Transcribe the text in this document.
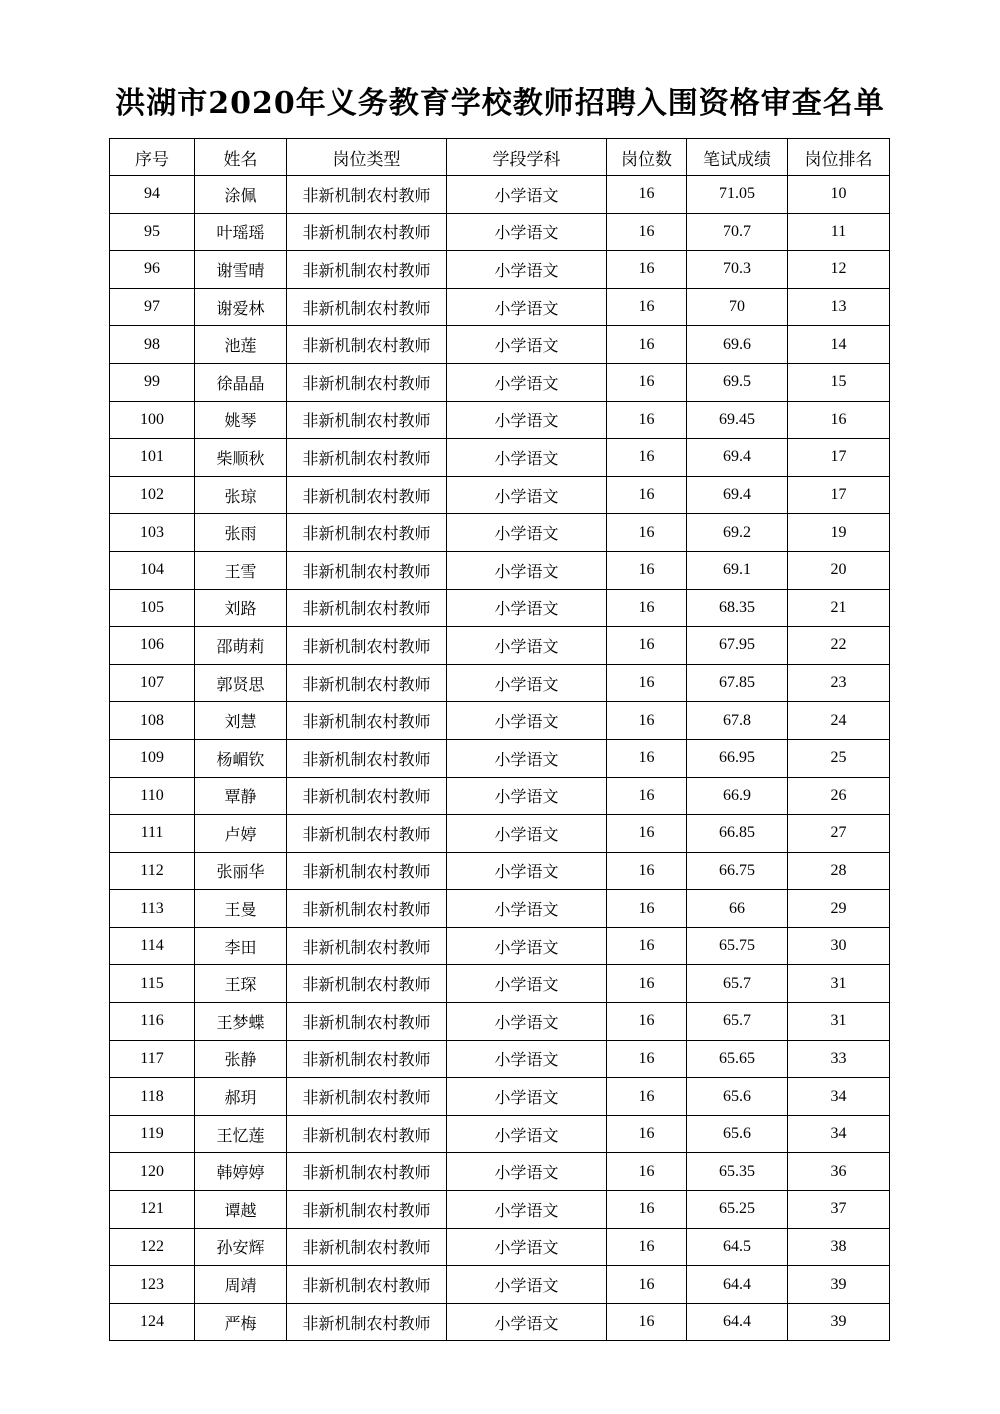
洪湖市2020年义务教育学校教师招聘入围资格审查名单
序号	姓名	岗位类型	学段学科	岗位数	笔试成绩	岗位排名
94	涂佩	非新机制农村教师	小学语文	16	71.05	10
95	叶瑶瑶	非新机制农村教师	小学语文	16	70.7	11
96	谢雪晴	非新机制农村教师	小学语文	16	70.3	12
97	谢爱林	非新机制农村教师	小学语文	16	70	13
98	池莲	非新机制农村教师	小学语文	16	69.6	14
99	徐晶晶	非新机制农村教师	小学语文	16	69.5	15
100	姚琴	非新机制农村教师	小学语文	16	69.45	16
101	柴顺秋	非新机制农村教师	小学语文	16	69.4	17
102	张琼	非新机制农村教师	小学语文	16	69.4	17
103	张雨	非新机制农村教师	小学语文	16	69.2	19
104	王雪	非新机制农村教师	小学语文	16	69.1	20
105	刘路	非新机制农村教师	小学语文	16	68.35	21
106	邵萌莉	非新机制农村教师	小学语文	16	67.95	22
107	郭贤思	非新机制农村教师	小学语文	16	67.85	23
108	刘慧	非新机制农村教师	小学语文	16	67.8	24
109	杨嵋钦	非新机制农村教师	小学语文	16	66.95	25
110	覃静	非新机制农村教师	小学语文	16	66.9	26
111	卢婷	非新机制农村教师	小学语文	16	66.85	27
112	张丽华	非新机制农村教师	小学语文	16	66.75	28
113	王曼	非新机制农村教师	小学语文	16	66	29
114	李田	非新机制农村教师	小学语文	16	65.75	30
115	王琛	非新机制农村教师	小学语文	16	65.7	31
116	王梦蝶	非新机制农村教师	小学语文	16	65.7	31
117	张静	非新机制农村教师	小学语文	16	65.65	33
118	郝玥	非新机制农村教师	小学语文	16	65.6	34
119	王忆莲	非新机制农村教师	小学语文	16	65.6	34
120	韩婷婷	非新机制农村教师	小学语文	16	65.35	36
121	谭越	非新机制农村教师	小学语文	16	65.25	37
122	孙安辉	非新机制农村教师	小学语文	16	64.5	38
123	周靖	非新机制农村教师	小学语文	16	64.4	39
124	严梅	非新机制农村教师	小学语文	16	64.4	39
